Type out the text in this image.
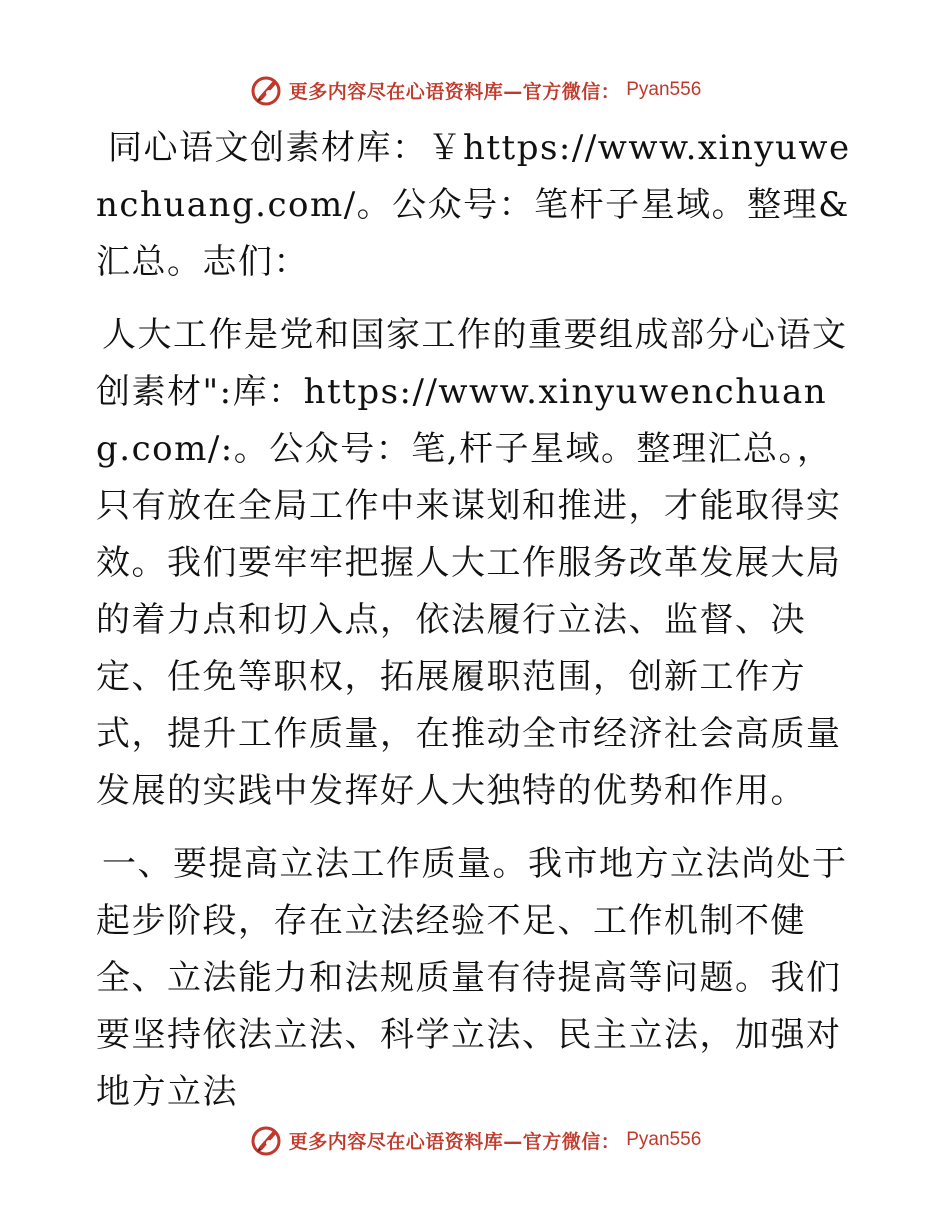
更多内容尽在心语资料库—官方微信： Pyan556

同心语文创素材库：￥https://www.xinyuwenchuang.com/。公众号：笔杆子星域。整理&汇总。志们：

人大工作是党和国家工作的重要组成部分心语文创素材":库：https://www.xinyuwenchuang.com/:。公众号：笔,杆子星域。整理汇总。，只有放在全局工作中来谋划和推进，才能取得实效。我们要牢牢把握人大工作服务改革发展大局的着力点和切入点，依法履行立法、监督、决定、任免等职权，拓展履职范围，创新工作方式，提升工作质量，在推动全市经济社会高质量发展的实践中发挥好人大独特的优势和作用。

一、要提高立法工作质量。我市地方立法尚处于起步阶段，存在立法经验不足、工作机制不健全、立法能力和法规质量有待提高等问题。我们要坚持依法立法、科学立法、民主立法，加强对地方立法

更多内容尽在心语资料库—官方微信： Pyan556
